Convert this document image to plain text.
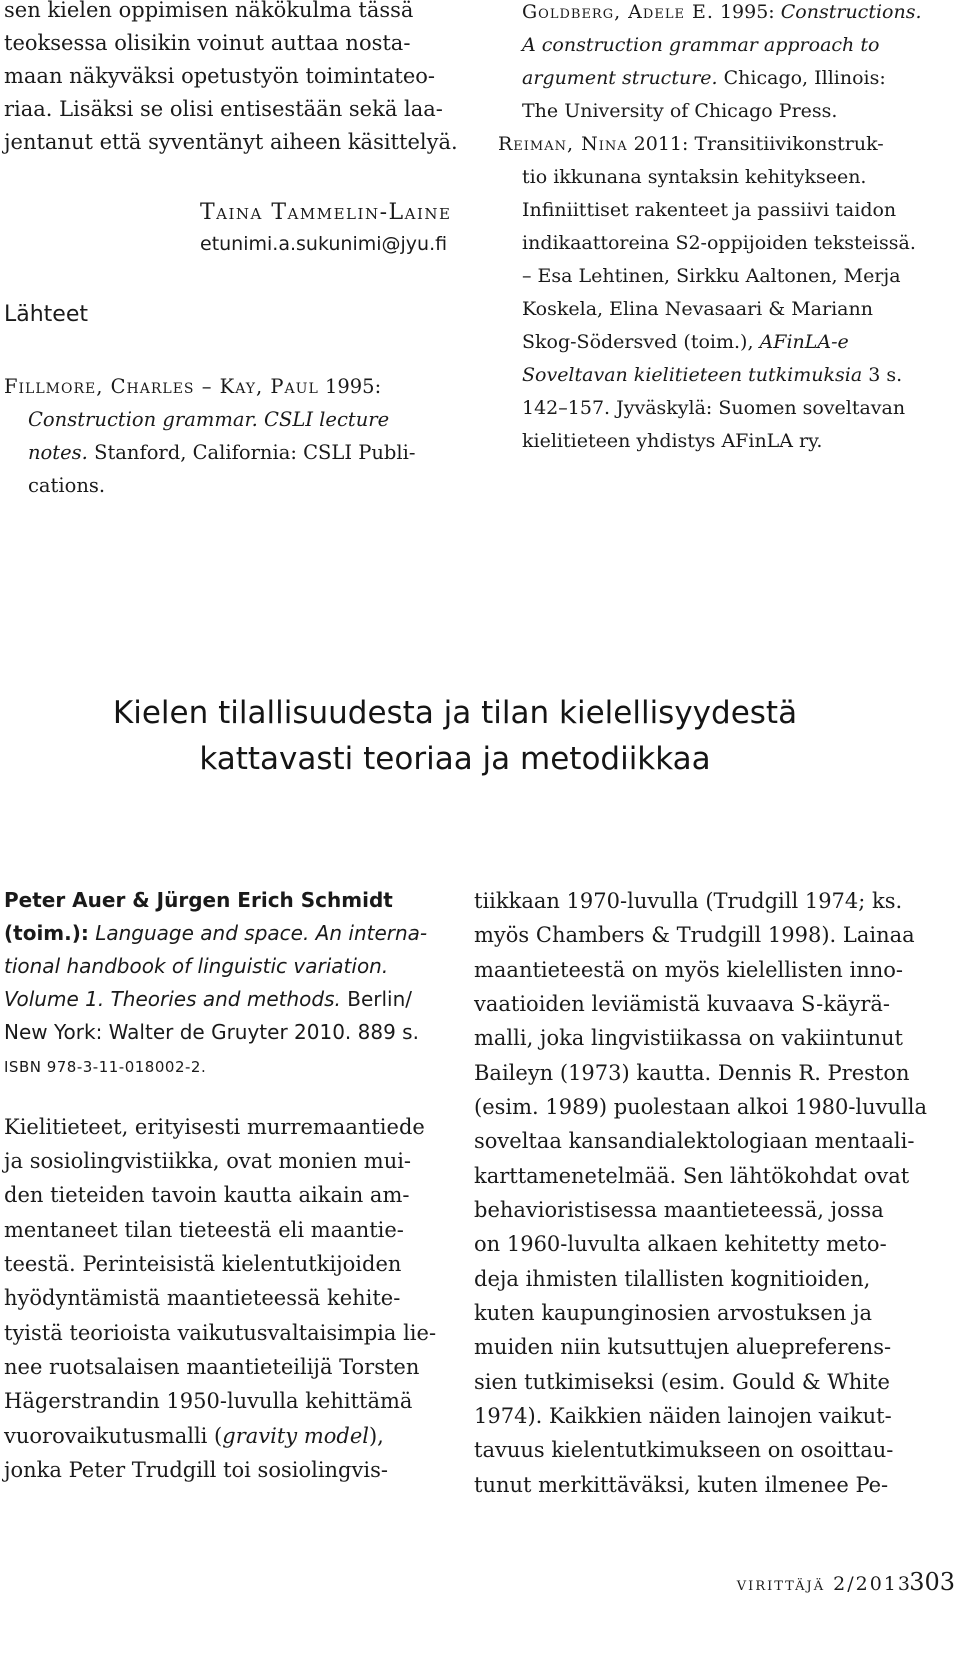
sen kielen oppimisen näkökulma tässä
teoksessa olisikin voinut auttaa nosta-
maan näkyväksi opetustyön toimintateo-
riaa. Lisäksi se olisi entisestään sekä laa-
jentanut että syventänyt aiheen käsittelyä.
Taina Tammelin-Laine
etunimi.a.sukunimi@jyu.fi
Lähteet
Fillmore, Charles – Kay, Paul 1995:
Construction grammar. CSLI lecture
notes. Stanford, California: CSLI Publi-
cations.
Goldberg, Adele E. 1995: Constructions.
A construction grammar approach to
argument structure. Chicago, Illinois:
The University of Chicago Press.
Reiman, Nina 2011: Transitiivikonstruk-
tio ikkunana syntaksin kehitykseen.
Infiniittiset rakenteet ja passiivi taidon
indikaattoreina S2-oppijoiden teksteissä.
– Esa Lehtinen, Sirkku Aaltonen, Merja
Koskela, Elina Nevasaari & Mariann
Skog-Södersved (toim.), AFinLA-e
Soveltavan kielitieteen tutkimuksia 3 s.
142–157. Jyväskylä: Suomen soveltavan
kielitieteen yhdistys AFinLA ry.
Kielen tilallisuudesta ja tilan kielellisyydestä
kattavasti teoriaa ja metodiikkaa
Peter Auer & Jürgen Erich Schmidt
(toim.): Language and space. An interna-
tional handbook of linguistic variation.
Volume 1. Theories and methods. Berlin/
New York: Walter de Gruyter 2010. 889 s.
ISBN 978-3-11-018002-2.
Kielitieteet, erityisesti murremaantiede
ja sosiolingvistiikka, ovat monien mui-
den tieteiden tavoin kautta aikain am-
mentaneet tilan tieteestä eli maantie-
teestä. Perinteisistä kielentutkijoiden
hyödyntämistä maantieteessä kehite-
tyistä teorioista vaikutusvaltaisimpia lie-
nee ruotsalaisen maantieteilijä Torsten
Hägerstrandin 1950-luvulla kehittämä
vuorovaikutusmalli (gravity model),
jonka Peter Trudgill toi sosiolingvis-
tiikkaan 1970-luvulla (Trudgill 1974; ks.
myös Chambers & Trudgill 1998). Lainaa
maantieteestä on myös kielellisten inno-
vaatioiden leviämistä kuvaava S-käyrä-
malli, joka lingvistiikassa on vakiintunut
Baileyn (1973) kautta. Dennis R. Preston
(esim. 1989) puolestaan alkoi 1980-luvulla
soveltaa kansandialektologiaan mentaali-
karttamenetelmää. Sen lähtökohdat ovat
behavioristisessa maantieteessä, jossa
on 1960-luvulta alkaen kehitetty meto-
deja ihmisten tilallisten kognitioiden,
kuten kaupunginosien arvostuksen ja
muiden niin kutsuttujen aluepreferens-
sien tutkimiseksi (esim. Gould & White
1974). Kaikkien näiden lainojen vaikut-
tavuus kielentutkimukseen on osoittau-
tunut merkittäväksi, kuten ilmenee Pe-
virittäjä 2/2013
303
